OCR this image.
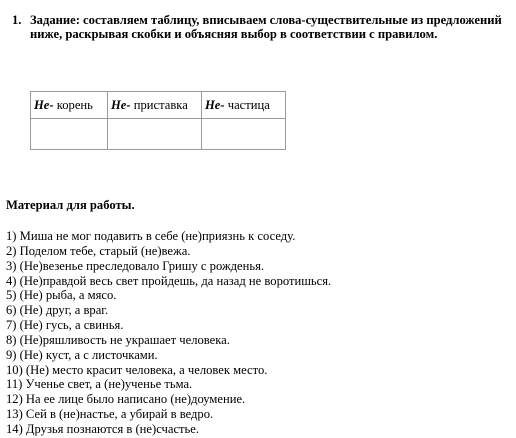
1. Задание: составляем таблицу, вписываем слова-существительные из предложений ниже, раскрывая скобки и объясняя выбор в соответствии с правилом.
Не- корень	Не- приставка	Не- частица

Материал для работы.
1) Миша не мог подавить в себе (не)приязнь к соседу.
2) Поделом тебе, старый (не)вежа.
3) (Не)везенье преследовало Гришу с рожденья.
4) (Не)правдой весь свет пройдешь, да назад не воротишься.
5) (Не) рыба, а мясо.
6) (Не) друг, а враг.
7) (Не) гусь, а свинья.
8) (Не)ряшливость не украшает человека.
9) (Не) куст, а с листочками.
10) (Не) место красит человека, а человек место.
11) Ученье свет, а (не)ученье тьма.
12) На ее лице было написано (не)доумение.
13) Сей в (не)настье, а убирай в ведро.
14) Друзья познаются в (не)счастье.
